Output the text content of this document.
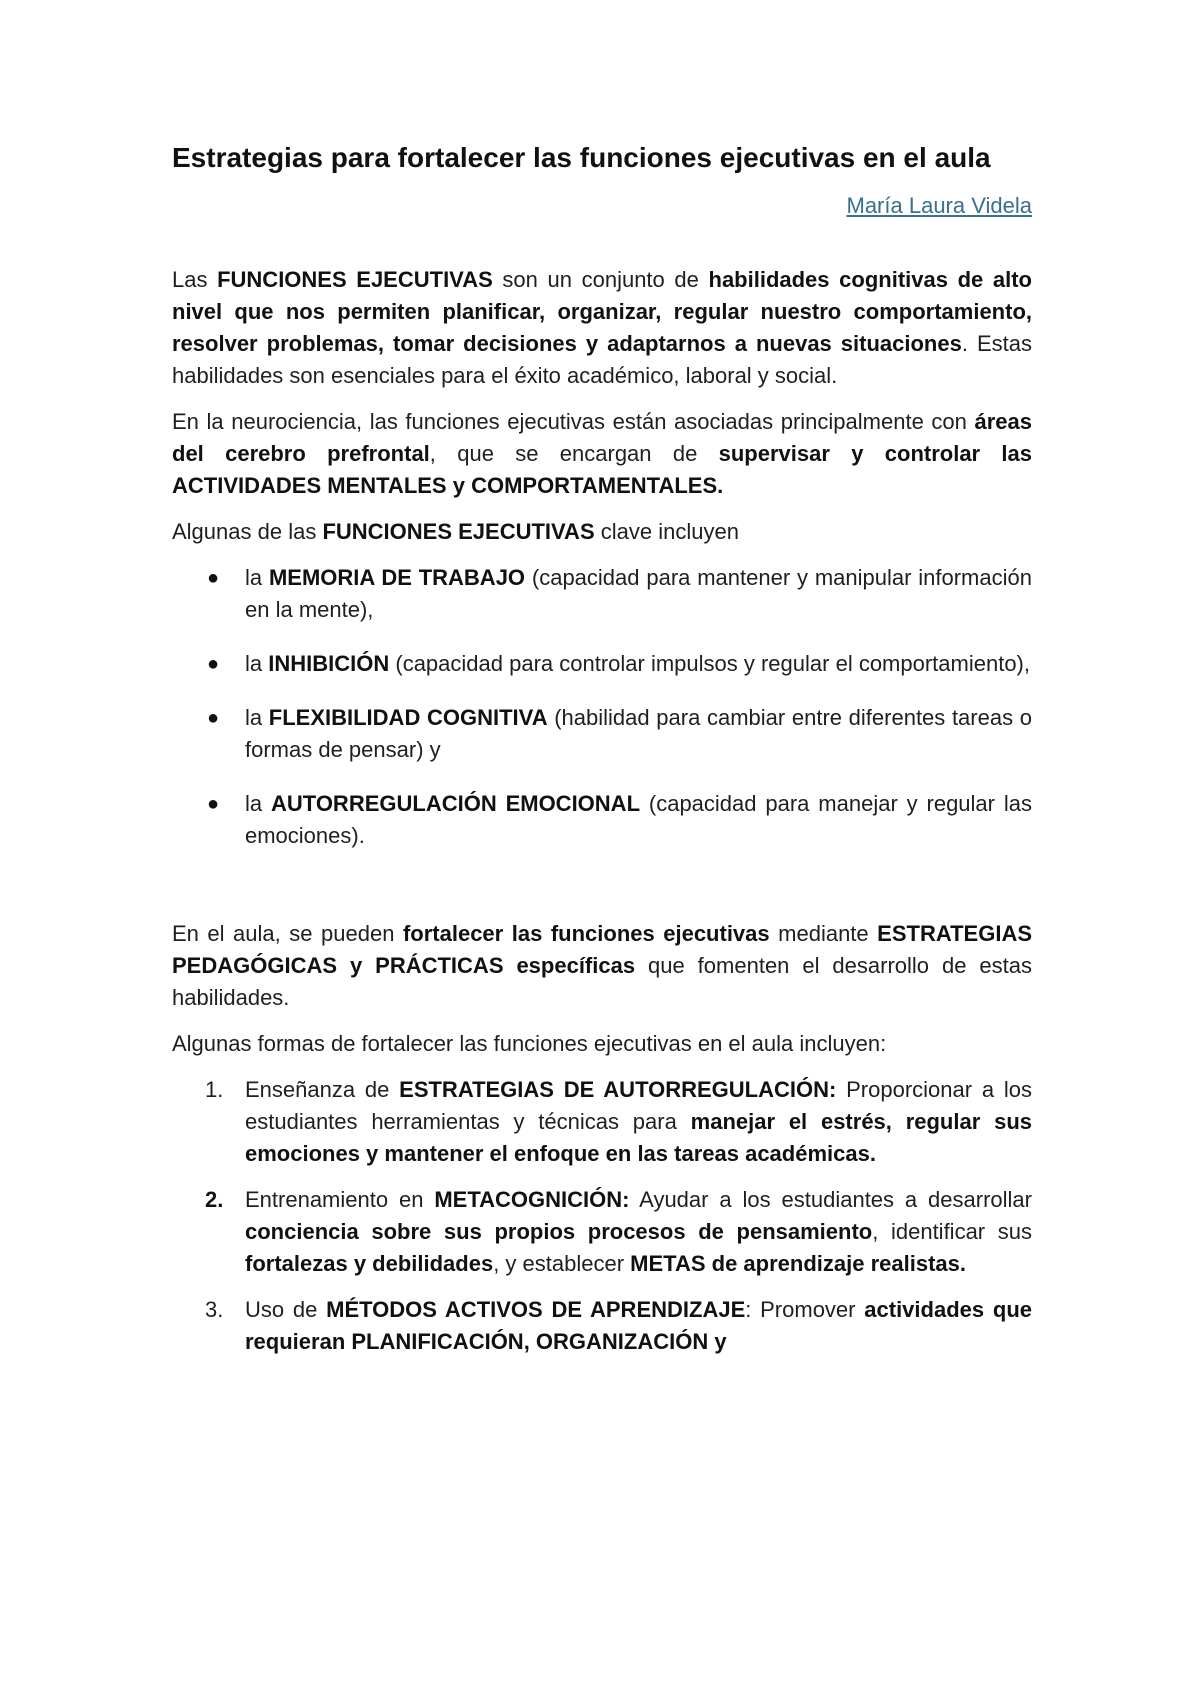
Estrategias para fortalecer las funciones ejecutivas en el aula
María Laura Videla

Las FUNCIONES EJECUTIVAS son un conjunto de habilidades cognitivas de alto nivel que nos permiten planificar, organizar, regular nuestro comportamiento, resolver problemas, tomar decisiones y adaptarnos a nuevas situaciones. Estas habilidades son esenciales para el éxito académico, laboral y social.

En la neurociencia, las funciones ejecutivas están asociadas principalmente con áreas del cerebro prefrontal, que se encargan de supervisar y controlar las ACTIVIDADES MENTALES y COMPORTAMENTALES.

Algunas de las FUNCIONES EJECUTIVAS clave incluyen

● la MEMORIA DE TRABAJO (capacidad para mantener y manipular información en la mente),
● la INHIBICIÓN (capacidad para controlar impulsos y regular el comportamiento),
● la FLEXIBILIDAD COGNITIVA (habilidad para cambiar entre diferentes tareas o formas de pensar) y
● la AUTORREGULACIÓN EMOCIONAL (capacidad para manejar y regular las emociones).

En el aula, se pueden fortalecer las funciones ejecutivas mediante ESTRATEGIAS PEDAGÓGICAS y PRÁCTICAS específicas que fomenten el desarrollo de estas habilidades.

Algunas formas de fortalecer las funciones ejecutivas en el aula incluyen:

1. Enseñanza de ESTRATEGIAS DE AUTORREGULACIÓN: Proporcionar a los estudiantes herramientas y técnicas para manejar el estrés, regular sus emociones y mantener el enfoque en las tareas académicas.
2. Entrenamiento en METACOGNICIÓN: Ayudar a los estudiantes a desarrollar conciencia sobre sus propios procesos de pensamiento, identificar sus fortalezas y debilidades, y establecer METAS de aprendizaje realistas.
3. Uso de MÉTODOS ACTIVOS DE APRENDIZAJE: Promover actividades que requieran PLANIFICACIÓN, ORGANIZACIÓN y
